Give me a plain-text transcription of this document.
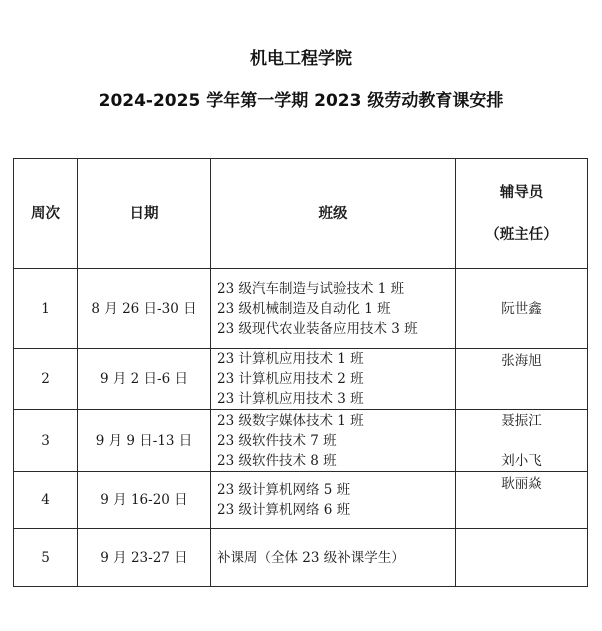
机电工程学院
2024-2025 学年第一学期 2023 级劳动教育课安排
周次	日期	班级	辅导员
（班主任）

1	8 月 26 日-30 日	23 级汽车制造与试验技术 1 班
23 级机械制造及自动化 1 班
23 级现代农业装备应用技术 3 班	阮世鑫

2	9 月 2 日-6 日	23 计算机应用技术 1 班
23 计算机应用技术 2 班
23 计算机应用技术 3 班	张海旭

3	9 月 9 日-13 日	23 级数字媒体技术 1 班
23 级软件技术 7 班
23 级软件技术 8 班	聂振江
刘小飞

4	9 月 16-20 日	23 级计算机网络 5 班
23 级计算机网络 6 班	耿丽焱

5	9 月 23-27 日	补课周（全体 23 级补课学生）	
